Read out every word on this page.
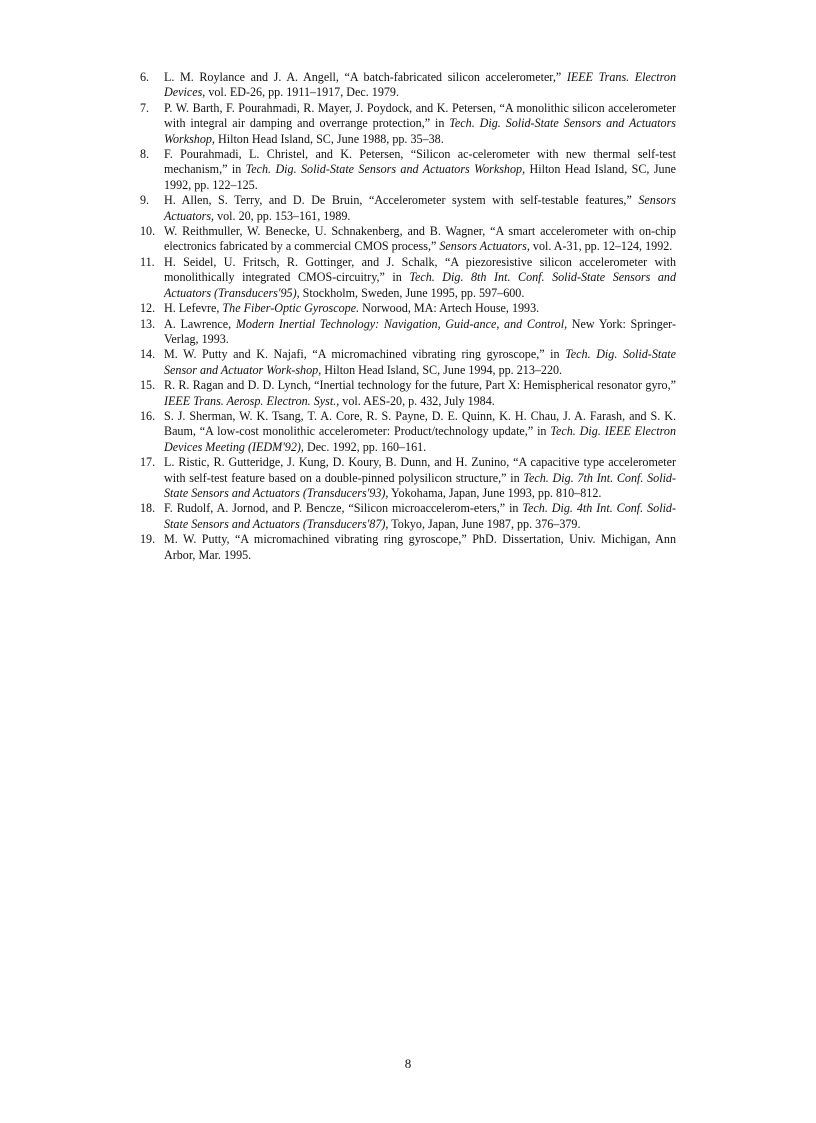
6.	L. M. Roylance and J. A. Angell, “A batch-fabricated silicon accelerometer,” IEEE Trans. Electron Devices, vol. ED-26, pp. 1911–1917, Dec. 1979.
7.	P. W. Barth, F. Pourahmadi, R. Mayer, J. Poydock, and K. Petersen, “A monolithic silicon accelerometer with integral air damping and overrange protection,” in Tech. Dig. Solid-State Sensors and Actuators Workshop, Hilton Head Island, SC, June 1988, pp. 35–38.
8.	F. Pourahmadi, L. Christel, and K. Petersen, “Silicon ac-celerometer with new thermal self-test mechanism,” in Tech. Dig. Solid-State Sensors and Actuators Workshop, Hilton Head Island, SC, June 1992, pp. 122–125.
9.	H. Allen, S. Terry, and D. De Bruin, “Accelerometer system with self-testable features,” Sensors Actuators, vol. 20, pp. 153–161, 1989.
10. W. Reithmuller, W. Benecke, U. Schnakenberg, and B. Wagner, “A smart accelerometer with on-chip electronics fabricated by a commercial CMOS process,” Sensors Actuators, vol. A-31, pp. 12–124, 1992.
11. H. Seidel, U. Fritsch, R. Gottinger, and J. Schalk, “A piezoresistive silicon accelerometer with monolithically integrated CMOS-circuitry,” in Tech. Dig. 8th Int. Conf. Solid-State Sensors and Actuators (Transducers'95), Stockholm, Sweden, June 1995, pp. 597–600.
12. H. Lefevre, The Fiber-Optic Gyroscope. Norwood, MA: Artech House, 1993.
13. A. Lawrence, Modern Inertial Technology: Navigation, Guid-ance, and Control, New York: Springer-Verlag, 1993.
14. M. W. Putty and K. Najafi, “A micromachined vibrating ring gyroscope,” in Tech. Dig. Solid-State Sensor and Actuator Work-shop, Hilton Head Island, SC, June 1994, pp. 213–220.
15. R. R. Ragan and D. D. Lynch, “Inertial technology for the future, Part X: Hemispherical resonator gyro,” IEEE Trans. Aerosp. Electron. Syst., vol. AES-20, p. 432, July 1984.
16. S. J. Sherman, W. K. Tsang, T. A. Core, R. S. Payne, D. E. Quinn, K. H. Chau, J. A. Farash, and S. K. Baum, “A low-cost monolithic accelerometer: Product/technology update,” in Tech. Dig. IEEE Electron Devices Meeting (IEDM'92), Dec. 1992, pp. 160–161.
17. L. Ristic, R. Gutteridge, J. Kung, D. Koury, B. Dunn, and H. Zunino, “A capacitive type accelerometer with self-test feature based on a double-pinned polysilicon structure,” in Tech. Dig. 7th Int. Conf. Solid-State Sensors and Actuators (Transducers'93), Yokohama, Japan, June 1993, pp. 810–812.
18. F. Rudolf, A. Jornod, and P. Bencze, “Silicon microaccelerom-eters,” in Tech. Dig. 4th Int. Conf. Solid-State Sensors and Actuators (Transducers'87), Tokyo, Japan, June 1987, pp. 376–379.
19. M. W. Putty, “A micromachined vibrating ring gyroscope,” PhD. Dissertation, Univ. Michigan, Ann Arbor, Mar. 1995.
8
